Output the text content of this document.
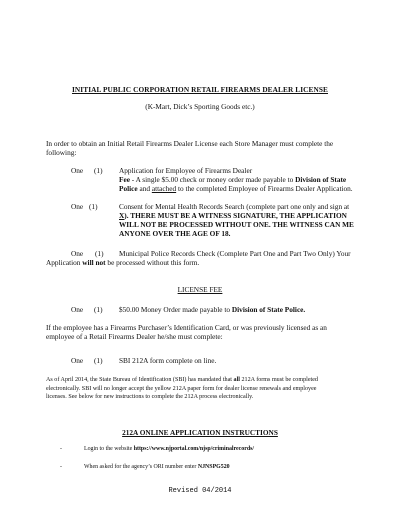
INITIAL PUBLIC CORPORATION RETAIL FIREARMS DEALER LICENSE
(K-Mart, Dick’s Sporting Goods etc.)
In order to obtain an Initial Retail Firearms Dealer License each Store Manager must complete the
following:
One (1) Application for Employee of Firearms Dealer
Fee - A single $5.00 check or money order made payable to Division of State
Police and attached to the completed Employee of Firearms Dealer Application.
One (1)	Consent for Mental Health Records Search (complete part one only and sign at
X). THERE MUST BE A WITNESS SIGNATURE, THE APPLICATION
WILL NOT BE PROCESSED WITHOUT ONE. THE WITNESS CAN ME
ANYONE OVER THE AGE OF 18.
One (1) Municipal Police Records Check (Complete Part One and Part Two Only) Your
Application will not be processed without this form.
LICENSE FEE
One (1) $50.00 Money Order made payable to Division of State Police.
If the employee has a Firearms Purchaser’s Identification Card, or was previously licensed as an
employee of a Retail Firearms Dealer he/she must complete:
One (1) SBI 212A form complete on line.
As of April 2014, the State Bureau of Identification (SBI) has mandated that all 212A forms must be completed
electronically. SBI will no longer accept the yellow 212A paper form for dealer license renewals and employee
licenses. See below for new instructions to complete the 212A process electronically.
212A ONLINE APPLICATION INSTRUCTIONS
-	Login to the website https://www.njportal.com/njsp/criminalrecords/
-	When asked for the agency’s ORI number enter NJNSPG520
Revised 04/2014
